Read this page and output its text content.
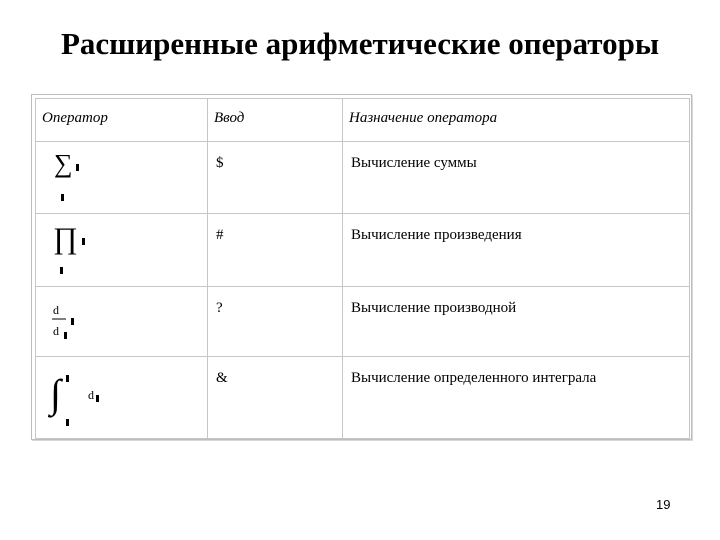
Расширенные арифметические операторы
Оператор	Ввод	Назначение оператора

∑	$	Вычисление суммы

∏	#	Вычисление произведения

d
d	?	Вычисление производной

∫ d	&	Вычисление определенного интеграла
19
